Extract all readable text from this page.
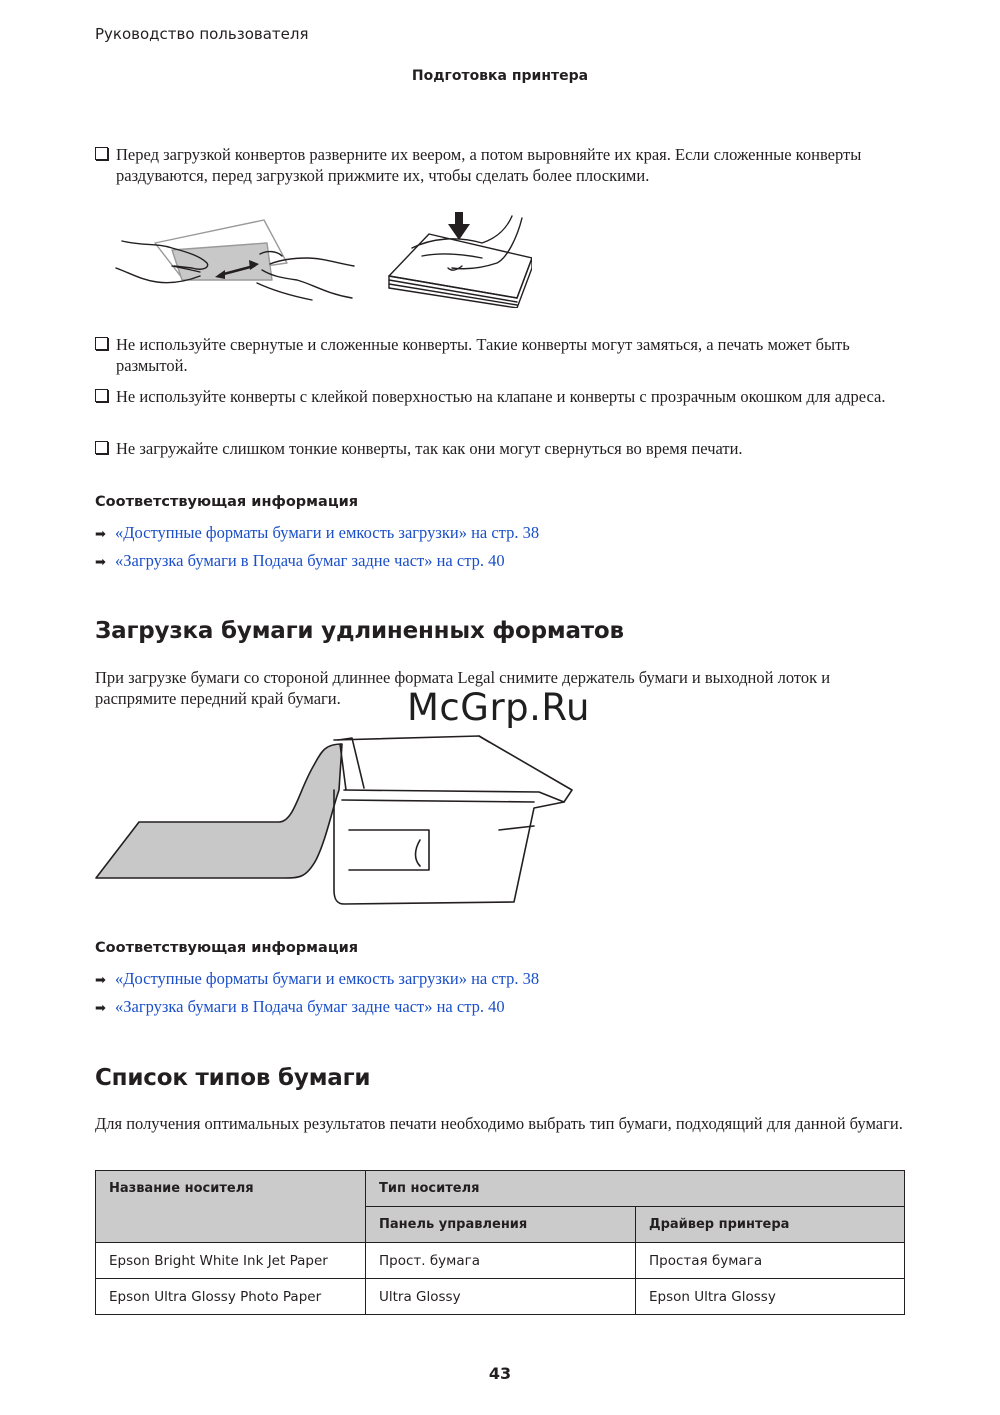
Руководство пользователя
Подготовка принтера
Перед загрузкой конвертов разверните их веером, а потом выровняйте их края. Если сложенные конверты раздуваются, перед загрузкой прижмите их, чтобы сделать более плоскими.
Не используйте свернутые и сложенные конверты. Такие конверты могут замяться, а печать может быть размытой.
Не используйте конверты с клейкой поверхностью на клапане и конверты с прозрачным окошком для адреса.
Не загружайте слишком тонкие конверты, так как они могут свернуться во время печати.
Соответствующая информация
➡ «Доступные форматы бумаги и емкость загрузки» на стр. 38
➡ «Загрузка бумаги в Подача бумаг задне част» на стр. 40
Загрузка бумаги удлиненных форматов
При загрузке бумаги со стороной длиннее формата Legal снимите держатель бумаги и выходной лоток и распрямите передний край бумаги.	McGrp.Ru
Соответствующая информация
➡ «Доступные форматы бумаги и емкость загрузки» на стр. 38
➡ «Загрузка бумаги в Подача бумаг задне част» на стр. 40
Список типов бумаги
Для получения оптимальных результатов печати необходимо выбрать тип бумаги, подходящий для данной бумаги.
Название носителя	Тип носителя	
	Панель управления	Драйвер принтера
Epson Bright White Ink Jet Paper	Прост. бумага	Простая бумага
Epson Ultra Glossy Photo Paper	Ultra Glossy	Epson Ultra Glossy
43
